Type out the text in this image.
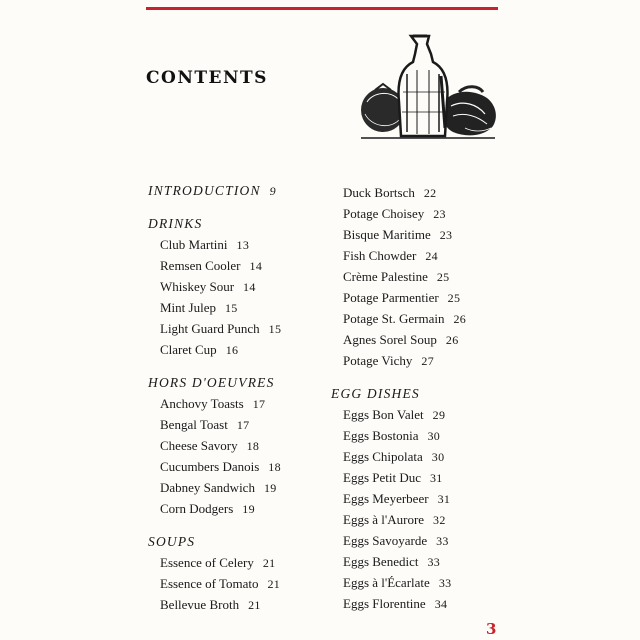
CONTENTS
INTRODUCTION 9
DRINKS
Club Martini 13
Remsen Cooler 14
Whiskey Sour 14
Mint Julep 15
Light Guard Punch 15
Claret Cup 16
HORS D'OEUVRES
Anchovy Toasts 17
Bengal Toast 17
Cheese Savory 18
Cucumbers Danois 18
Dabney Sandwich 19
Corn Dodgers 19
SOUPS
Essence of Celery 21
Essence of Tomato 21
Bellevue Broth 21
Duck Bortsch 22
Potage Choisey 23
Bisque Maritime 23
Fish Chowder 24
Crème Palestine 25
Potage Parmentier 25
Potage St. Germain 26
Agnes Sorel Soup 26
Potage Vichy 27
EGG DISHES
Eggs Bon Valet 29
Eggs Bostonia 30
Eggs Chipolata 30
Eggs Petit Duc 31
Eggs Meyerbeer 31
Eggs à l'Aurore 32
Eggs Savoyarde 33
Eggs Benedict 33
Eggs à l'Écarlate 33
Eggs Florentine 34
3
